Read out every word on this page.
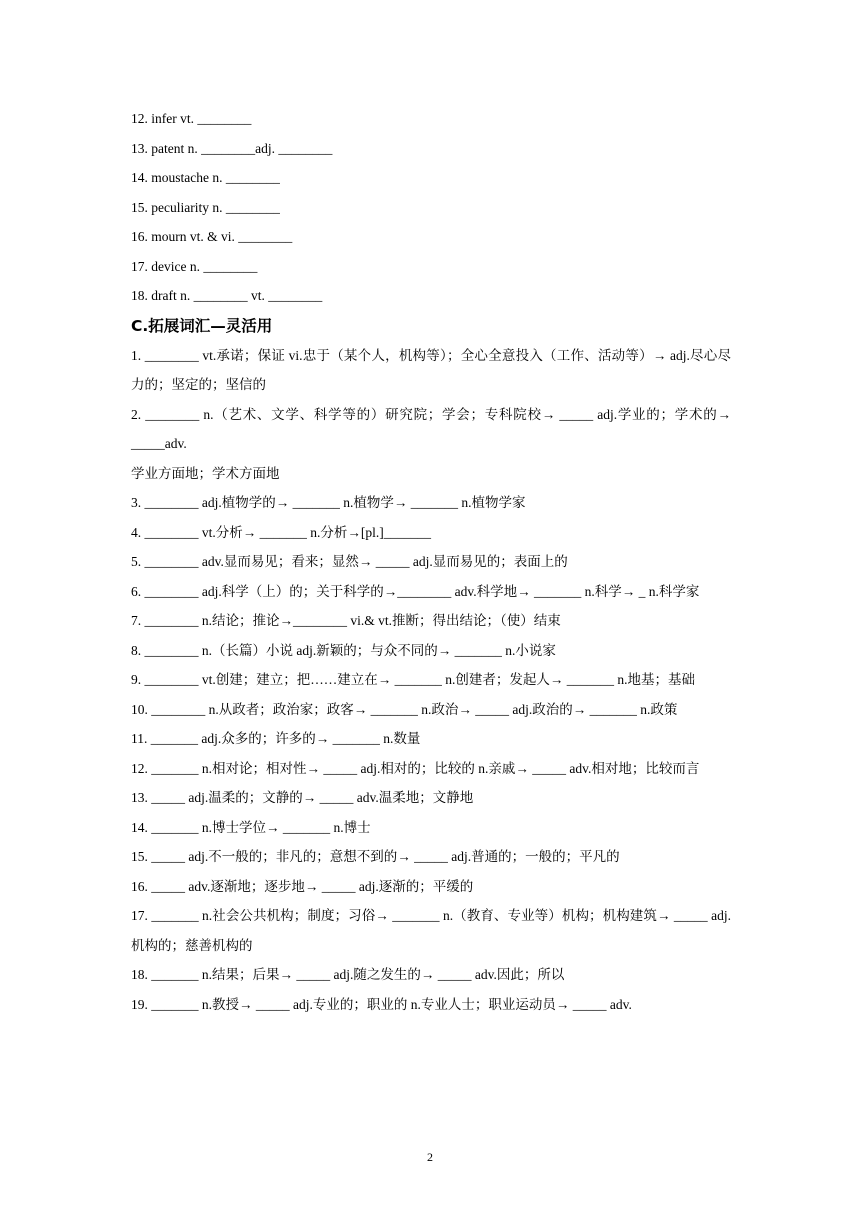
12. infer vt. ________
13. patent n. ________adj. ________
14. moustache n. ________
15. peculiarity n. ________
16. mourn vt. & vi. ________
17. device n. ________
18. draft n. ________ vt. ________
C.拓展词汇—灵活用
1. ________ vt.承诺；保证 vi.忠于（某个人，机构等）；全心全意投入（工作、活动等）→ adj.尽心尽力的；坚定的；坚信的
2. ________ n.（艺术、文学、科学等的）研究院；学会；专科院校→ _____ adj.学业的；学术的→ _____adv.
学业方面地；学术方面地
3. ________ adj.植物学的→ _______ n.植物学→ _______ n.植物学家
4. ________ vt.分析→ _______ n.分析→[pl.]_______
5. ________ adv.显而易见；看来；显然→ _____ adj.显而易见的；表面上的
6. ________ adj.科学（上）的；关于科学的→________ adv.科学地→ _______ n.科学→ _ n.科学家
7. ________ n.结论；推论→________ vi.& vt.推断；得出结论；（使）结束
8. ________ n.（长篇）小说 adj.新颖的；与众不同的→ _______ n.小说家
9. ________ vt.创建；建立；把……建立在→ _______ n.创建者；发起人→ _______ n.地基；基础
10. ________ n.从政者；政治家；政客→ _______ n.政治→ _____ adj.政治的→ _______ n.政策
11. _______ adj.众多的；许多的→ _______ n.数量
12. _______ n.相对论；相对性→ _____ adj.相对的；比较的 n.亲戚→ _____ adv.相对地；比较而言
13. _____ adj.温柔的；文静的→ _____ adv.温柔地；文静地
14. _______ n.博士学位→ _______ n.博士
15. _____ adj.不一般的；非凡的；意想不到的→ _____ adj.普通的；一般的；平凡的
16. _____ adv.逐渐地；逐步地→ _____ adj.逐渐的；平缓的
17. _______ n.社会公共机构；制度；习俗→ _______ n.（教育、专业等）机构；机构建筑→ _____ adj.机构的；慈善机构的
18. _______ n.结果；后果→ _____ adj.随之发生的→ _____ adv.因此；所以
19. _______ n.教授→ _____ adj.专业的；职业的 n.专业人士；职业运动员→ _____ adv.
2
